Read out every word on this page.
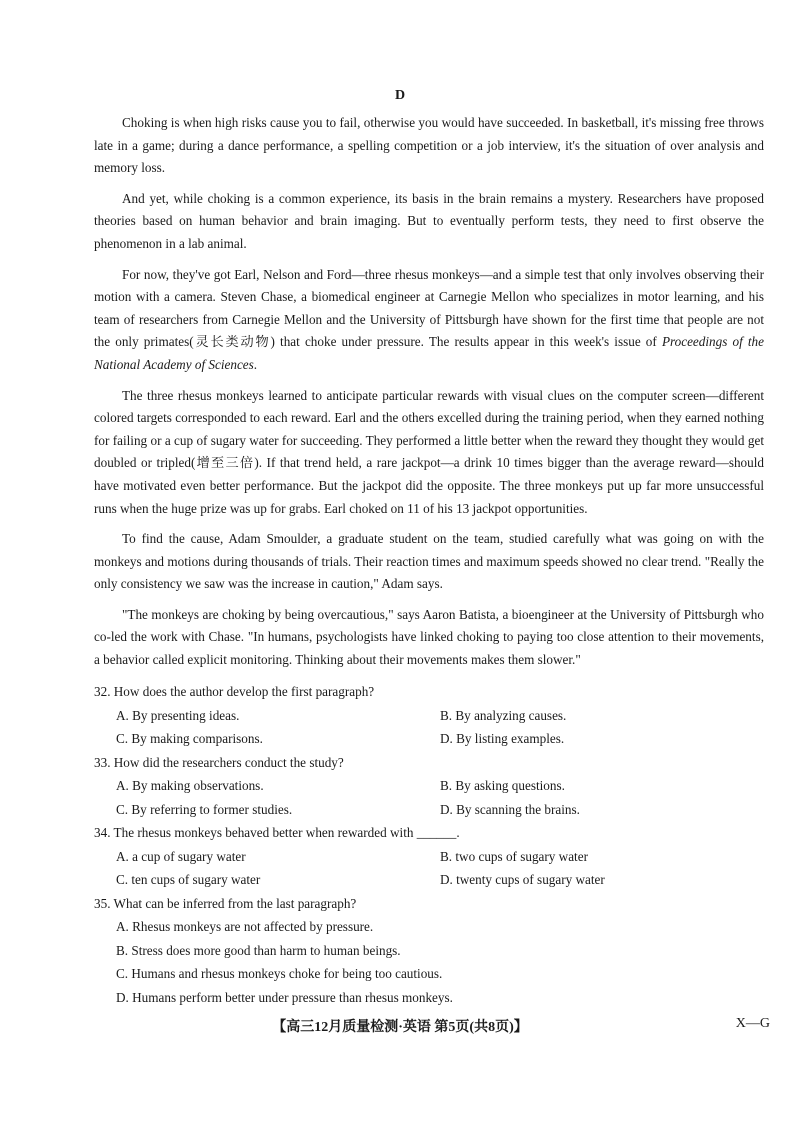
D

Choking is when high risks cause you to fail, otherwise you would have succeeded. In basketball, it's missing free throws late in a game; during a dance performance, a spelling competition or a job interview, it's the situation of over analysis and memory loss.

And yet, while choking is a common experience, its basis in the brain remains a mystery. Researchers have proposed theories based on human behavior and brain imaging. But to eventually perform tests, they need to first observe the phenomenon in a lab animal.

For now, they've got Earl, Nelson and Ford—three rhesus monkeys—and a simple test that only involves observing their motion with a camera. Steven Chase, a biomedical engineer at Carnegie Mellon who specializes in motor learning, and his team of researchers from Carnegie Mellon and the University of Pittsburgh have shown for the first time that people are not the only primates(灵长类动物) that choke under pressure. The results appear in this week's issue of Proceedings of the National Academy of Sciences.

The three rhesus monkeys learned to anticipate particular rewards with visual clues on the computer screen—different colored targets corresponded to each reward. Earl and the others excelled during the training period, when they earned nothing for failing or a cup of sugary water for succeeding. They performed a little better when the reward they thought they would get doubled or tripled(增至三倍). If that trend held, a rare jackpot—a drink 10 times bigger than the average reward—should have motivated even better performance. But the jackpot did the opposite. The three monkeys put up far more unsuccessful runs when the huge prize was up for grabs. Earl choked on 11 of his 13 jackpot opportunities.

To find the cause, Adam Smoulder, a graduate student on the team, studied carefully what was going on with the monkeys and motions during thousands of trials. Their reaction times and maximum speeds showed no clear trend. "Really the only consistency we saw was the increase in caution," Adam says.

"The monkeys are choking by being overcautious," says Aaron Batista, a bioengineer at the University of Pittsburgh who co-led the work with Chase. "In humans, psychologists have linked choking to paying too close attention to their movements, a behavior called explicit monitoring. Thinking about their movements makes them slower."

32. How does the author develop the first paragraph?

A. By presenting ideas.	B. By analyzing causes.
C. By making comparisons.	D. By listing examples.

33. How did the researchers conduct the study?

A. By making observations.	B. By asking questions.
C. By referring to former studies.	D. By scanning the brains.

34. The rhesus monkeys behaved better when rewarded with ______.

A. a cup of sugary water	B. two cups of sugary water
C. ten cups of sugary water	D. twenty cups of sugary water

35. What can be inferred from the last paragraph?

A. Rhesus monkeys are not affected by pressure.
B. Stress does more good than harm to human beings.
C. Humans and rhesus monkeys choke for being too cautious.
D. Humans perform better under pressure than rhesus monkeys.
【高三12月质量检测·英语 第5页(共8页)】	X—G
